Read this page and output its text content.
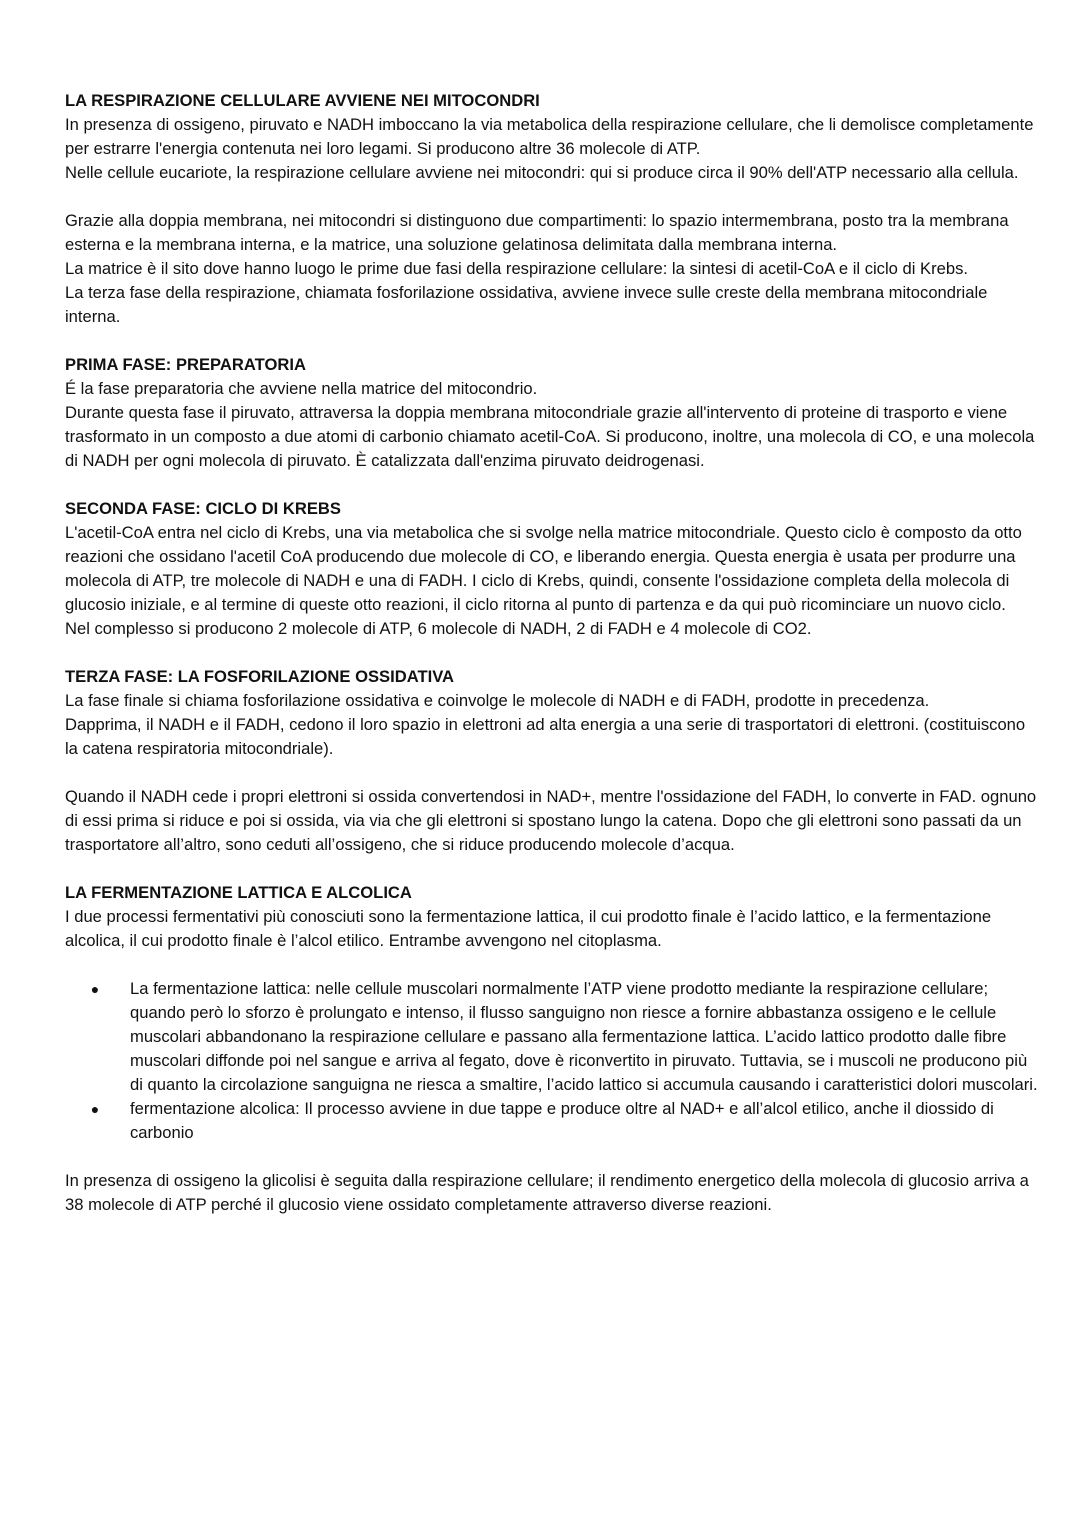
LA RESPIRAZIONE CELLULARE AVVIENE NEI MITOCONDRI

In presenza di ossigeno, piruvato e NADH imboccano la via metabolica della respirazione cellulare, che li demolisce completamente per estrarre l'energia contenuta nei loro legami. Si producono altre 36 molecole di ATP.

Nelle cellule eucariote, la respirazione cellulare avviene nei mitocondri: qui si produce circa il 90% dell'ATP necessario alla cellula.

Grazie alla doppia membrana, nei mitocondri si distinguono due compartimenti: lo spazio intermembrana, posto tra la membrana esterna e la membrana interna, e la matrice, una soluzione gelatinosa delimitata dalla membrana interna.

La matrice è il sito dove hanno luogo le prime due fasi della respirazione cellulare: la sintesi di acetil-CoA e il ciclo di Krebs.

La terza fase della respirazione, chiamata fosforilazione ossidativa, avviene invece sulle creste della membrana mitocondriale interna.

PRIMA FASE: PREPARATORIA

É la fase preparatoria che avviene nella matrice del mitocondrio.

Durante questa fase il piruvato, attraversa la doppia membrana mitocondriale grazie all'intervento di proteine di trasporto e viene trasformato in un composto a due atomi di carbonio chiamato acetil-CoA. Si producono, inoltre, una molecola di CO, e una molecola di NADH per ogni molecola di piruvato. È catalizzata dall'enzima piruvato deidrogenasi.

SECONDA FASE: CICLO DI KREBS

L'acetil-CoA entra nel ciclo di Krebs, una via metabolica che si svolge nella matrice mitocondriale. Questo ciclo è composto da otto reazioni che ossidano l'acetil CoA producendo due molecole di CO, e liberando energia. Questa energia è usata per produrre una molecola di ATP, tre molecole di NADH e una di FADH. I ciclo di Krebs, quindi, consente l'ossidazione completa della molecola di glucosio iniziale, e al termine di queste otto reazioni, il ciclo ritorna al punto di partenza e da qui può ricominciare un nuovo ciclo.

Nel complesso si producono 2 molecole di ATP, 6 molecole di NADH, 2 di FADH e 4 molecole di CO2.

TERZA FASE: LA FOSFORILAZIONE OSSIDATIVA

La fase finale si chiama fosforilazione ossidativa e coinvolge le molecole di NADH e di FADH, prodotte in precedenza.

Dapprima, il NADH e il FADH, cedono il loro spazio in elettroni ad alta energia a una serie di trasportatori di elettroni. (costituiscono la catena respiratoria mitocondriale).

Quando il NADH cede i propri elettroni si ossida convertendosi in NAD+, mentre l'ossidazione del FADH, lo converte in FAD. ognuno di essi prima si riduce e poi si ossida, via via che gli elettroni si spostano lungo la catena. Dopo che gli elettroni sono passati da un trasportatore all’altro, sono ceduti all’ossigeno, che si riduce producendo molecole d’acqua.

LA FERMENTAZIONE LATTICA E ALCOLICA

I due processi fermentativi più conosciuti sono la fermentazione lattica, il cui prodotto finale è l’acido lattico, e la fermentazione alcolica, il cui prodotto finale è l’alcol etilico. Entrambe avvengono nel citoplasma.

●	La fermentazione lattica: nelle cellule muscolari normalmente l’ATP viene prodotto mediante la respirazione cellulare; quando però lo sforzo è prolungato e intenso, il flusso sanguigno non riesce a fornire abbastanza ossigeno e le cellule muscolari abbandonano la respirazione cellulare e passano alla fermentazione lattica. L’acido lattico prodotto dalle fibre muscolari diffonde poi nel sangue e arriva al fegato, dove è riconvertito in piruvato. Tuttavia, se i muscoli ne producono più di quanto la circolazione sanguigna ne riesca a smaltire, l’acido lattico si accumula causando i caratteristici dolori muscolari.
●	fermentazione alcolica: Il processo avviene in due tappe e produce oltre al NAD+ e all’alcol etilico, anche il diossido di carbonio

In presenza di ossigeno la glicolisi è seguita dalla respirazione cellulare; il rendimento energetico della molecola di glucosio arriva a 38 molecole di ATP perché il glucosio viene ossidato completamente attraverso diverse reazioni.
